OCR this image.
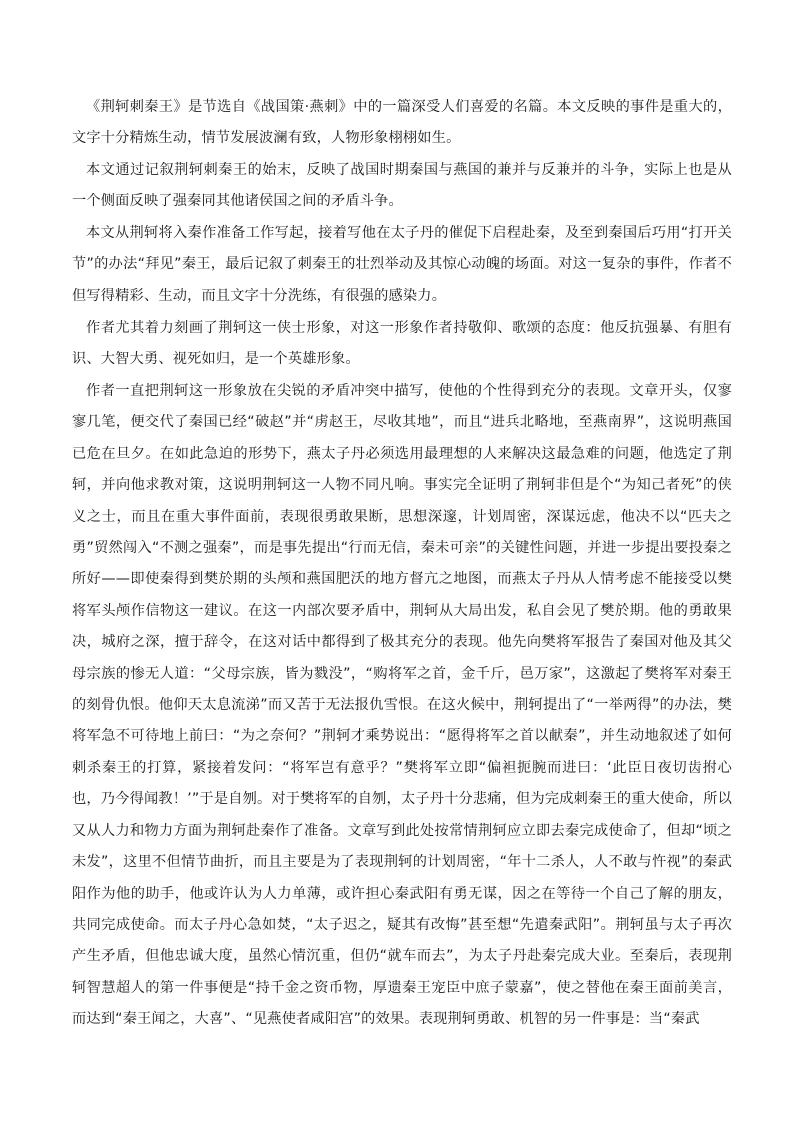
《荆轲刺秦王》是节选自《战国策·燕刺》中的一篇深受人们喜爱的名篇。本文反映的事件是重大的，文字十分精炼生动，情节发展波澜有致，人物形象栩栩如生。

本文通过记叙荆轲刺秦王的始末，反映了战国时期秦国与燕国的兼并与反兼并的斗争，实际上也是从一个侧面反映了强秦同其他诸侯国之间的矛盾斗争。

本文从荆轲将入秦作准备工作写起，接着写他在太子丹的催促下启程赴秦，及至到秦国后巧用“打开关节”的办法“拜见”秦王，最后记叙了刺秦王的壮烈举动及其惊心动魄的场面。对这一复杂的事件，作者不但写得精彩、生动，而且文字十分洗练，有很强的感染力。

作者尤其着力刻画了荆轲这一侠士形象，对这一形象作者持敬仰、歌颂的态度：他反抗强暴、有胆有识、大智大勇、视死如归，是一个英雄形象。

作者一直把荆轲这一形象放在尖锐的矛盾冲突中描写，使他的个性得到充分的表现。文章开头，仅寥寥几笔，便交代了秦国已经“破赵”并“虏赵王，尽收其地”，而且“进兵北略地，至燕南界”，这说明燕国已危在旦夕。在如此急迫的形势下，燕太子丹必须选用最理想的人来解决这最急难的问题，他选定了荆轲，并向他求教对策，这说明荆轲这一人物不同凡响。事实完全证明了荆轲非但是个“为知己者死”的侠义之士，而且在重大事件面前，表现很勇敢果断，思想深邃，计划周密，深谋远虑，他决不以“匹夫之勇”贸然闯入“不测之强秦”，而是事先提出“行而无信，秦未可亲”的关键性问题，并进一步提出要投秦之所好——即使秦得到樊於期的头颅和燕国肥沃的地方督亢之地图，而燕太子丹从人情考虑不能接受以樊将军头颅作信物这一建议。在这一内部次要矛盾中，荆轲从大局出发，私自会见了樊於期。他的勇敢果决，城府之深，擅于辞令，在这对话中都得到了极其充分的表现。他先向樊将军报告了秦国对他及其父母宗族的惨无人道：“父母宗族，皆为戮没”，“购将军之首，金千斤，邑万家”，这激起了樊将军对秦王的刻骨仇恨。他仰天太息流涕”而又苦于无法报仇雪恨。在这火候中，荆轲提出了“一举两得”的办法，樊将军急不可待地上前曰：“为之奈何？”荆轲才乘势说出：“愿得将军之首以献秦”，并生动地叙述了如何刺杀秦王的打算，紧接着发问：“将军岂有意乎？”樊将军立即“偏袒扼腕而进曰：‘此臣日夜切齿拊心也，乃今得闻教！’”于是自刎。对于樊将军的自刎，太子丹十分悲痛，但为完成刺秦王的重大使命，所以又从人力和物力方面为荆轲赴秦作了准备。文章写到此处按常情荆轲应立即去秦完成使命了，但却“顷之未发”，这里不但情节曲折，而且主要是为了表现荆轲的计划周密，“年十二杀人，人不敢与忤视”的秦武阳作为他的助手，他或许认为人力单薄，或许担心秦武阳有勇无谋，因之在等待一个自己了解的朋友，共同完成使命。而太子丹心急如焚，“太子迟之，疑其有改悔”甚至想“先遣秦武阳”。荆轲虽与太子再次产生矛盾，但他忠诚大度，虽然心情沉重，但仍“就车而去”，为太子丹赴秦完成大业。至秦后，表现荆轲智慧超人的第一件事便是“持千金之资币物，厚遗秦王宠臣中庶子蒙嘉”，使之替他在秦王面前美言，而达到“秦王闻之，大喜”、“见燕使者咸阳宫”的效果。表现荆轲勇敢、机智的另一件事是：当“秦武
